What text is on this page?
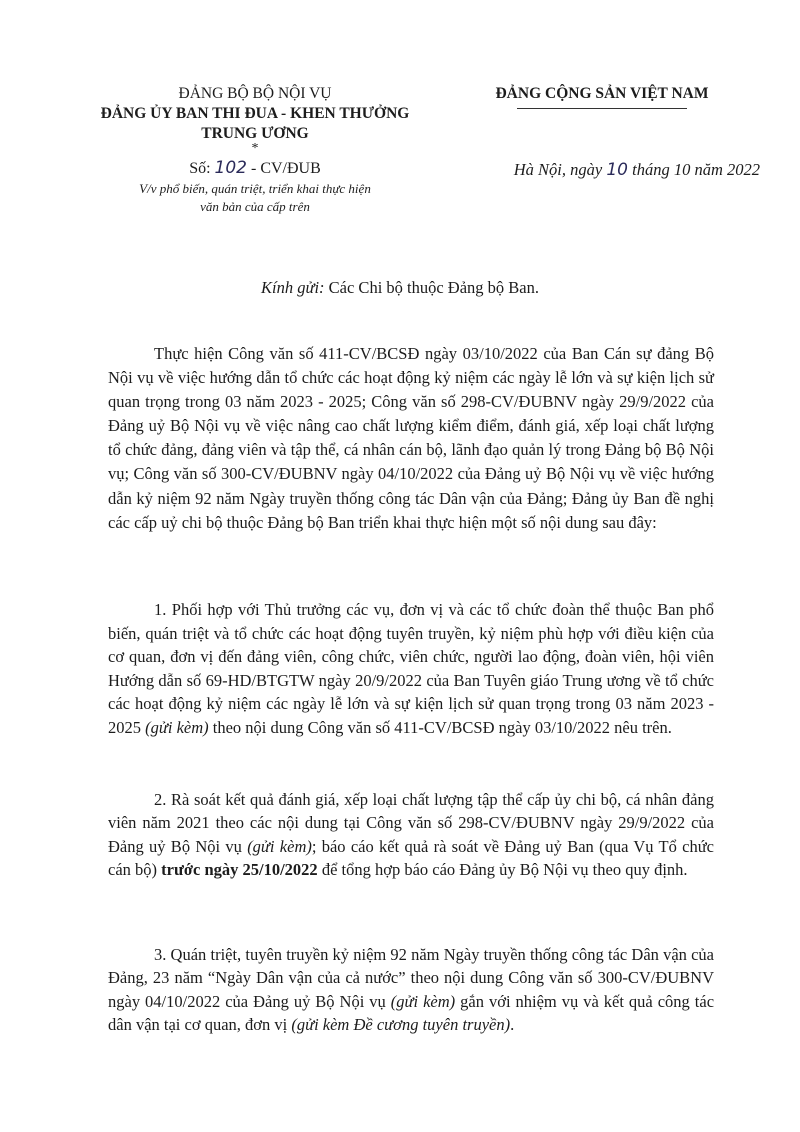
ĐẢNG BỘ BỘ NỘI VỤ
ĐẢNG ỦY BAN THI ĐUA - KHEN THƯỞNG
TRUNG ƯƠNG
*
Số: 102 - CV/ĐUB
V/v phổ biến, quán triệt, triển khai thực hiện
văn bản của cấp trên
ĐẢNG CỘNG SẢN VIỆT NAM
Hà Nội, ngày 10 tháng 10 năm 2022
Kính gửi: Các Chi bộ thuộc Đảng bộ Ban.
Thực hiện Công văn số 411-CV/BCSĐ ngày 03/10/2022 của Ban Cán sự đảng Bộ Nội vụ về việc hướng dẫn tổ chức các hoạt động kỷ niệm các ngày lễ lớn và sự kiện lịch sử quan trọng trong 03 năm 2023 - 2025; Công văn số 298-CV/ĐUBNV ngày 29/9/2022 của Đảng uỷ Bộ Nội vụ về việc nâng cao chất lượng kiểm điểm, đánh giá, xếp loại chất lượng tổ chức đảng, đảng viên và tập thể, cá nhân cán bộ, lãnh đạo quản lý trong Đảng bộ Bộ Nội vụ; Công văn số 300-CV/ĐUBNV ngày 04/10/2022 của Đảng uỷ Bộ Nội vụ về việc hướng dẫn kỷ niệm 92 năm Ngày truyền thống công tác Dân vận của Đảng; Đảng ủy Ban đề nghị các cấp uỷ chi bộ thuộc Đảng bộ Ban triển khai thực hiện một số nội dung sau đây:
1. Phối hợp với Thủ trưởng các vụ, đơn vị và các tổ chức đoàn thể thuộc Ban phổ biến, quán triệt và tổ chức các hoạt động tuyên truyền, kỷ niệm phù hợp với điều kiện của cơ quan, đơn vị đến đảng viên, công chức, viên chức, người lao động, đoàn viên, hội viên Hướng dẫn số 69-HD/BTGTW ngày 20/9/2022 của Ban Tuyên giáo Trung ương về tổ chức các hoạt động kỷ niệm các ngày lễ lớn và sự kiện lịch sử quan trọng trong 03 năm 2023 - 2025 (gửi kèm) theo nội dung Công văn số 411-CV/BCSĐ ngày 03/10/2022 nêu trên.
2. Rà soát kết quả đánh giá, xếp loại chất lượng tập thể cấp ủy chi bộ, cá nhân đảng viên năm 2021 theo các nội dung tại Công văn số 298-CV/ĐUBNV ngày 29/9/2022 của Đảng uỷ Bộ Nội vụ (gửi kèm); báo cáo kết quả rà soát về Đảng uỷ Ban (qua Vụ Tổ chức cán bộ) trước ngày 25/10/2022 để tổng hợp báo cáo Đảng ủy Bộ Nội vụ theo quy định.
3. Quán triệt, tuyên truyền kỷ niệm 92 năm Ngày truyền thống công tác Dân vận của Đảng, 23 năm “Ngày Dân vận của cả nước” theo nội dung Công văn số 300-CV/ĐUBNV ngày 04/10/2022 của Đảng uỷ Bộ Nội vụ (gửi kèm) gắn với nhiệm vụ và kết quả công tác dân vận tại cơ quan, đơn vị (gửi kèm Đề cương tuyên truyền).
